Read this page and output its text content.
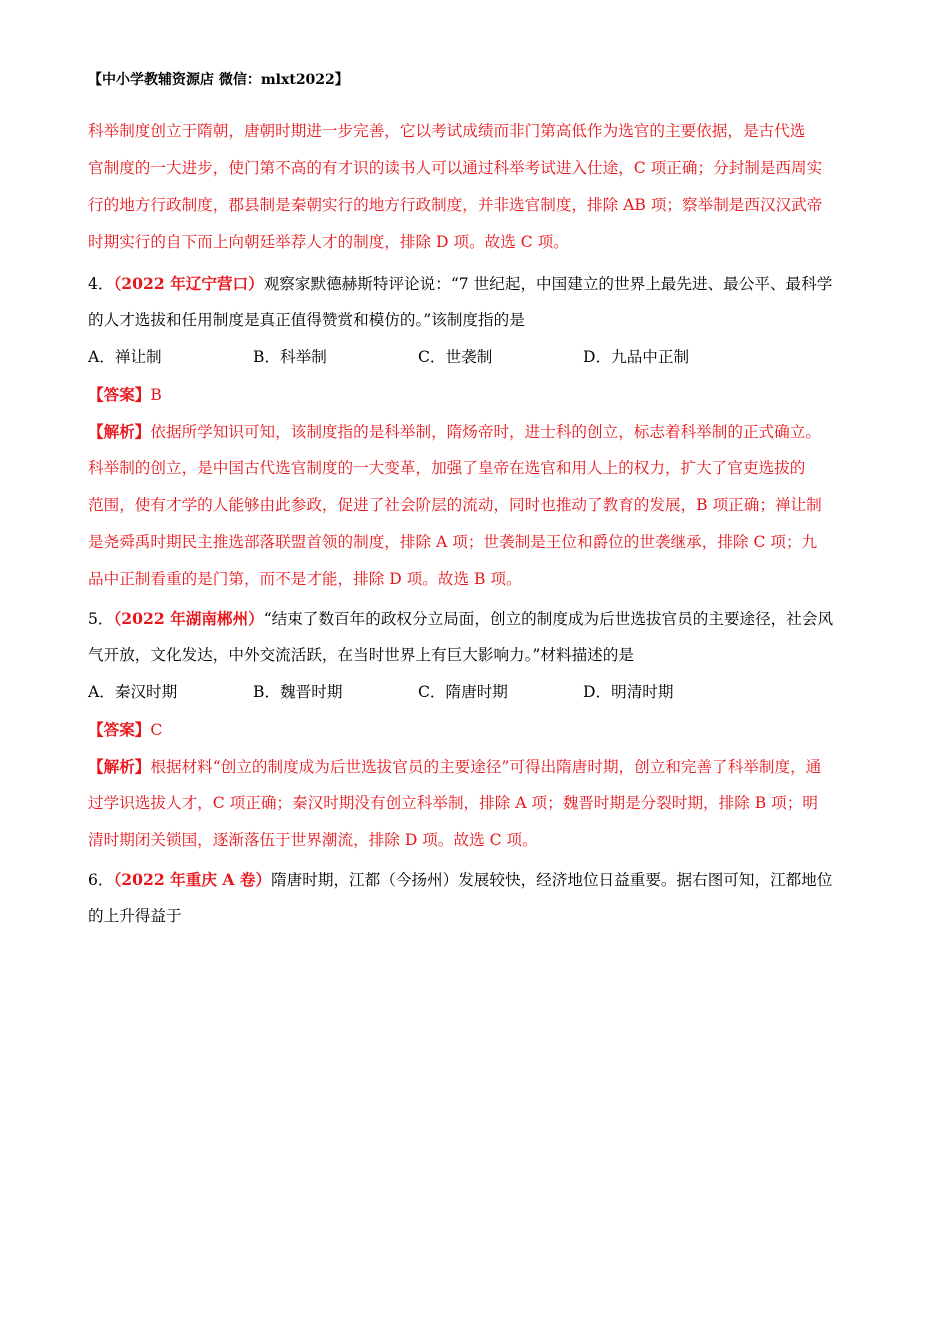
【中小学教辅资源店 微信：mlxt2022】
科举制度创立于隋朝，唐朝时期进一步完善，它以考试成绩而非门第高低作为选官的主要依据，是古代选
官制度的一大进步，使门第不高的有才识的读书人可以通过科举考试进入仕途，C 项正确；分封制是西周实
行的地方行政制度，郡县制是秦朝实行的地方行政制度，并非选官制度，排除 AB 项；察举制是西汉汉武帝
时期实行的自下而上向朝廷举荐人才的制度，排除 D 项。故选 C 项。
4．（2022 年辽宁营口）观察家默德赫斯特评论说：“7 世纪起，中国建立的世界上最先进、最公平、最科学
的人才选拔和任用制度是真正值得赞赏和模仿的。”该制度指的是
A．禅让制	B．科举制	C．世袭制	D．九品中正制
【答案】B
【解析】依据所学知识可知，该制度指的是科举制，隋炀帝时，进士科的创立，标志着科举制的正式确立。
科举制的创立，是中国古代选官制度的一大变革，加强了皇帝在选官和用人上的权力，扩大了官吏选拔的
范围，使有才学的人能够由此参政，促进了社会阶层的流动，同时也推动了教育的发展，B 项正确；禅让制
是尧舜禹时期民主推选部落联盟首领的制度，排除 A 项；世袭制是王位和爵位的世袭继承，排除 C 项；九
品中正制看重的是门第，而不是才能，排除 D 项。故选 B 项。
5．（2022 年湖南郴州）“结束了数百年的政权分立局面，创立的制度成为后世选拔官员的主要途径，社会风
气开放，文化发达，中外交流活跃，在当时世界上有巨大影响力。”材料描述的是
A．秦汉时期	B．魏晋时期	C．隋唐时期	D．明清时期
【答案】C
【解析】根据材料“创立的制度成为后世选拔官员的主要途径”可得出隋唐时期，创立和完善了科举制度，通
过学识选拔人才，C 项正确；秦汉时期没有创立科举制，排除 A 项；魏晋时期是分裂时期，排除 B 项；明
清时期闭关锁国，逐渐落伍于世界潮流，排除 D 项。故选 C 项。
6．（2022 年重庆 A 卷）隋唐时期，江都（今扬州）发展较快，经济地位日益重要。据右图可知，江都地位
的上升得益于
